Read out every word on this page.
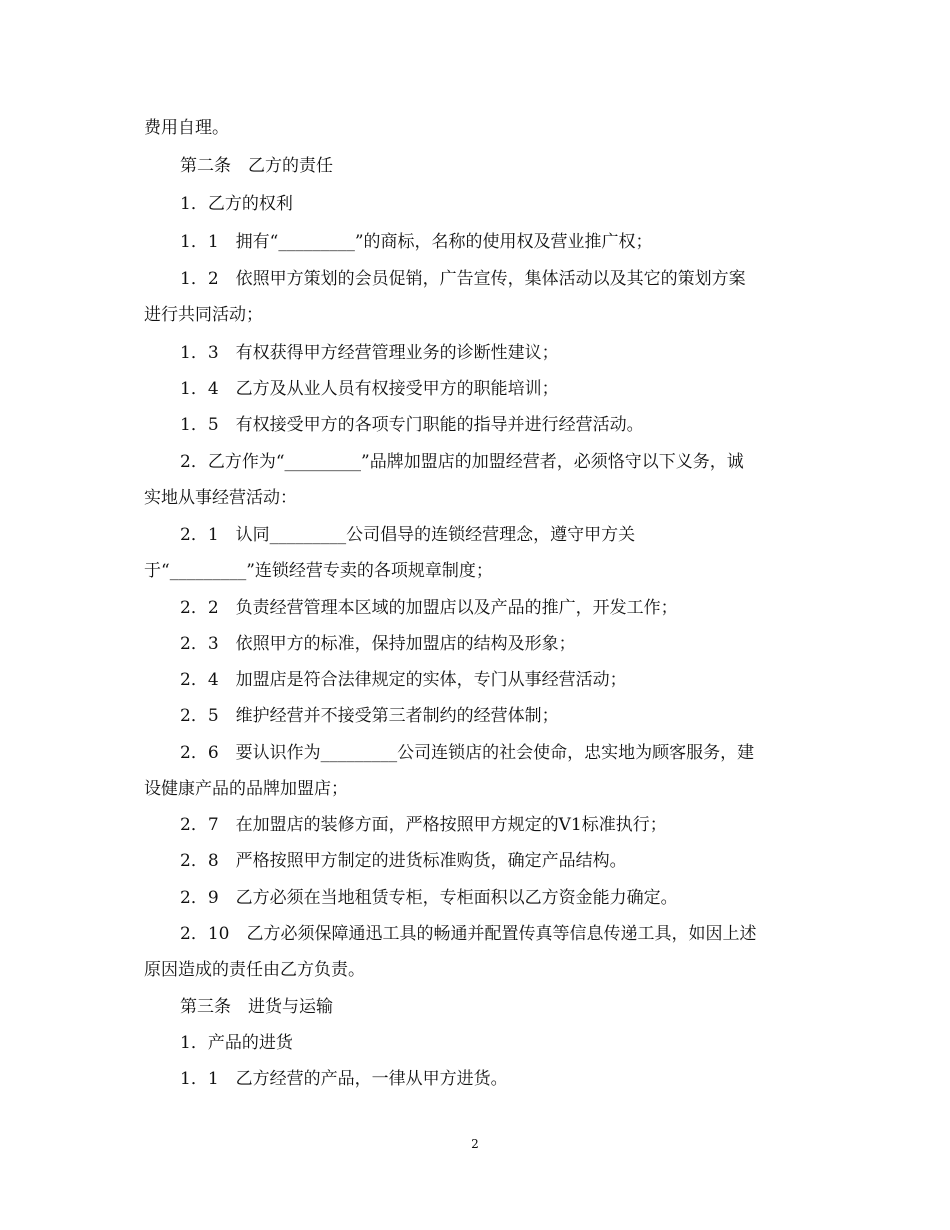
费用自理。

第二条　乙方的责任

1．乙方的权利

1．1　拥有“_________”的商标，名称的使用权及营业推广权；

1．2　依照甲方策划的会员促销，广告宣传，集体活动以及其它的策划方案

进行共同活动；

1．3　有权获得甲方经营管理业务的诊断性建议；

1．4　乙方及从业人员有权接受甲方的职能培训；

1．5　有权接受甲方的各项专门职能的指导并进行经营活动。

2．乙方作为“_________”品牌加盟店的加盟经营者，必须恪守以下义务，诚

实地从事经营活动：

2．1　认同_________公司倡导的连锁经营理念，遵守甲方关

于“_________”连锁经营专卖的各项规章制度；

2．2　负责经营管理本区域的加盟店以及产品的推广，开发工作；

2．3　依照甲方的标准，保持加盟店的结构及形象；

2．4　加盟店是符合法律规定的实体，专门从事经营活动；

2．5　维护经营并不接受第三者制约的经营体制；

2．6　要认识作为_________公司连锁店的社会使命，忠实地为顾客服务，建

设健康产品的品牌加盟店；

2．7　在加盟店的装修方面，严格按照甲方规定的V1标准执行；

2．8　严格按照甲方制定的进货标准购货，确定产品结构。

2．9　乙方必须在当地租赁专柜，专柜面积以乙方资金能力确定。

2．10　乙方必须保障通迅工具的畅通并配置传真等信息传递工具，如因上述

原因造成的责任由乙方负责。

第三条　进货与运输

1．产品的进货

1．1　乙方经营的产品，一律从甲方进货。

2
